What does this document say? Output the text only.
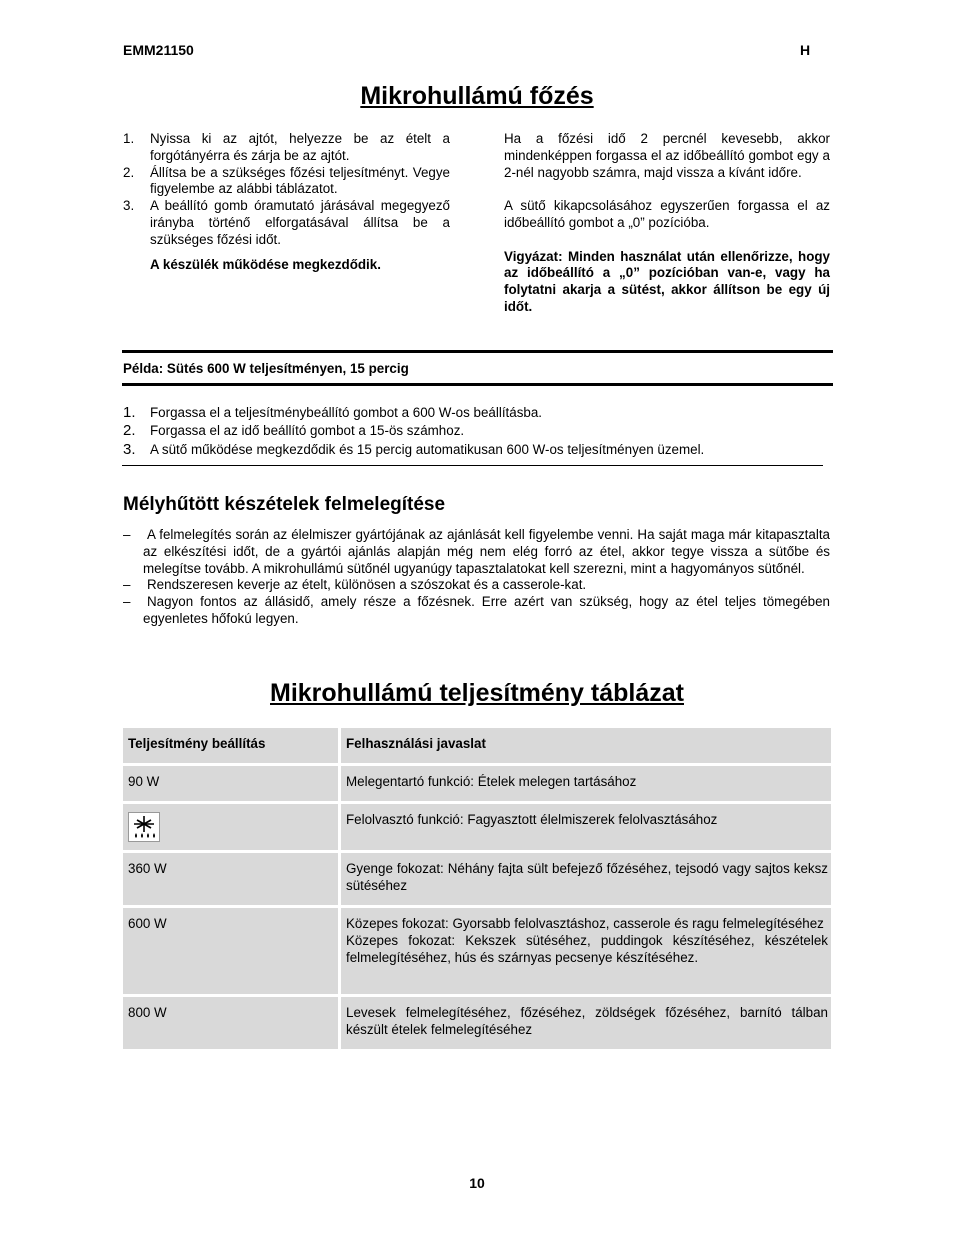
EMM21150	H
Mikrohullámú főzés
1. Nyissa ki az ajtót, helyezze be az ételt a forgótányérra és zárja be az ajtót.
2. Állítsa be a szükséges főzési teljesítményt. Vegye figyelembe az alábbi táblázatot.
3. A beállító gomb óramutató járásával megegyező irányba történő elforgatásával állítsa be a szükséges főzési időt.
A készülék működése megkezdődik.
Ha a főzési idő 2 percnél kevesebb, akkor mindenképpen forgassa el az időbeállító gombot egy a 2-nél nagyobb számra, majd vissza a kívánt időre.
A sütő kikapcsolásához egyszerűen forgassa el az időbeállító gombot a „0” pozícióba.
Vigyázat: Minden használat után ellenőrizze, hogy az időbeállító a „0” pozícióban van-e, vagy ha folytatni akarja a sütést, akkor állítson be egy új időt.
Példa: Sütés 600 W teljesítményen, 15 percig
1. Forgassa el a teljesítménybeállító gombot a 600 W-os beállításba.
2. Forgassa el az idő beállító gombot a 15-ös számhoz.
3. A sütő működése megkezdődik és 15 percig automatikusan 600 W-os teljesítményen üzemel.
Mélyhűtött készételek felmelegítése
– A felmelegítés során az élelmiszer gyártójának az ajánlását kell figyelembe venni. Ha saját maga már kitapasztalta az elkészítési időt, de a gyártói ajánlás alapján még nem elég forró az étel, akkor tegye vissza a sütőbe és melegítse tovább. A mikrohullámú sütőnél ugyanúgy tapasztalatokat kell szerezni, mint a hagyományos sütőnél.
– Rendszeresen keverje az ételt, különösen a szószokat és a casserole-kat.
– Nagyon fontos az állásidő, amely része a főzésnek. Erre azért van szükség, hogy az étel teljes tömegében egyenletes hőfokú legyen.
Mikrohullámú teljesítmény táblázat
Teljesítmény beállítás	Felhasználási javaslat
90 W	Melegentartó funkció: Ételek melegen tartásához
	Felolvasztó funkció: Fagyasztott élelmiszerek felolvasztásához
360 W	Gyenge fokozat: Néhány fajta sült befejező főzéséhez, tejsodó vagy sajtos keksz sütéséhez
600 W	Közepes fokozat: Gyorsabb felolvasztáshoz, casserole és ragu felmelegítéséhez
Közepes fokozat: Kekszek sütéséhez, puddingok készítéséhez, készételek felmelegítéséhez, hús és szárnyas pecsenye készítéséhez.

800 W	Levesek felmelegítéséhez, főzéséhez, zöldségek főzéséhez, barnító tálban készült ételek felmelegítéséhez
10
